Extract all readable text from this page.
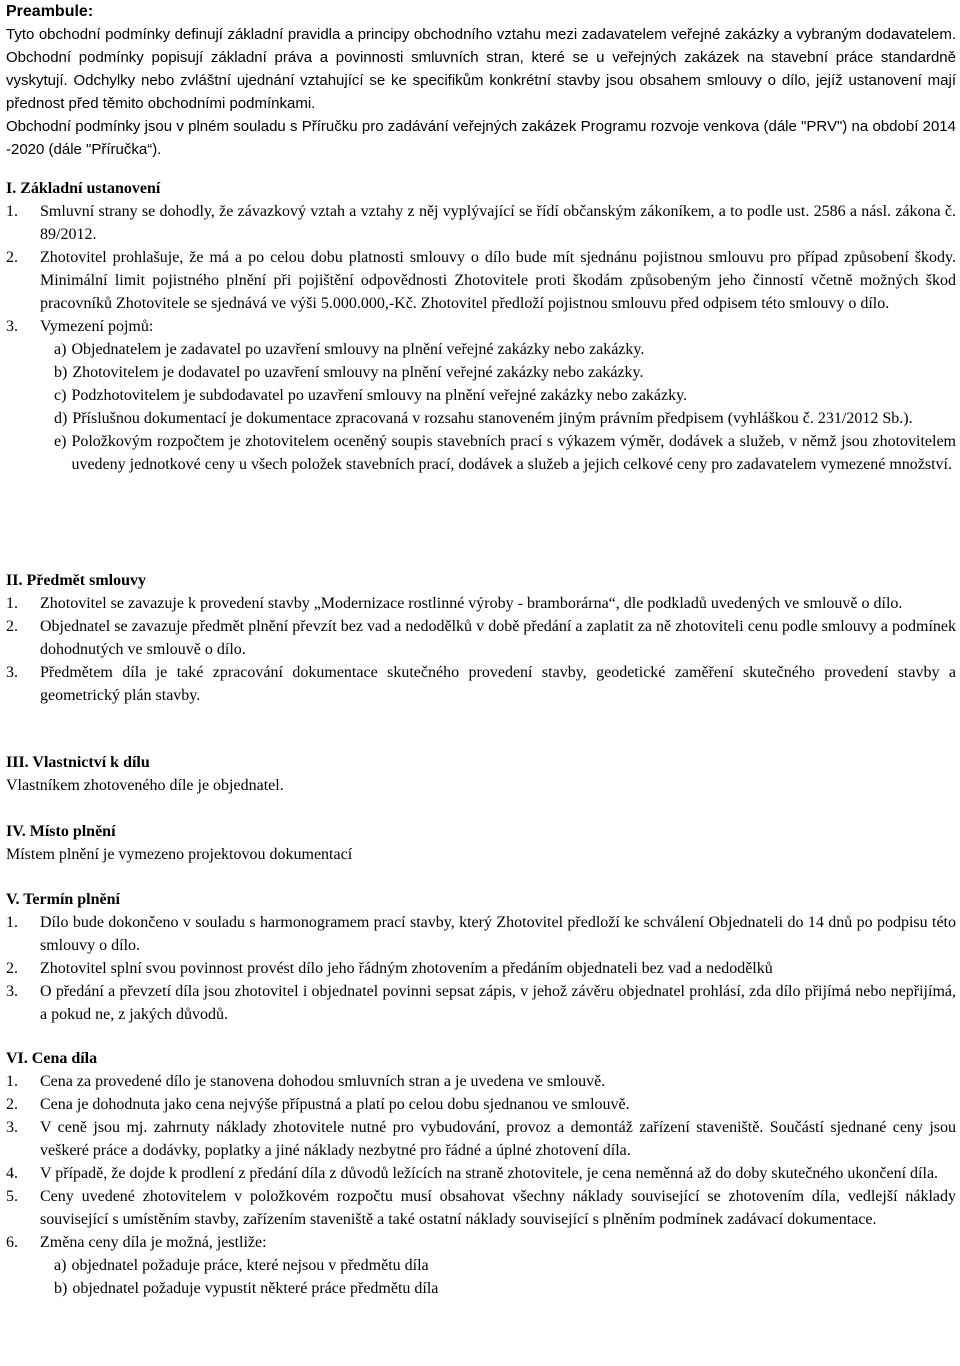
Preambule:
Tyto obchodní podmínky definují základní pravidla a principy obchodního vztahu mezi zadavatelem veřejné zakázky a vybraným dodavatelem. Obchodní podmínky popisují základní práva a povinnosti smluvních stran, které se u veřejných zakázek na stavební práce standardně vyskytují. Odchylky nebo zvláštní ujednání vztahující se ke specifikům konkrétní stavby jsou obsahem smlouvy o dílo, jejíž ustanovení mají přednost před těmito obchodními podmínkami.
Obchodní podmínky jsou v plném souladu s Příručku pro zadávání veřejných zakázek Programu rozvoje venkova (dále "PRV") na období 2014 -2020 (dále "Příručka“).
I. Základní ustanovení
1.	Smluvní strany se dohodly, že závazkový vztah a vztahy z něj vyplývající se řídí občanským zákoníkem, a to podle ust. 2586 a násl. zákona č. 89/2012.
2.	Zhotovitel prohlašuje, že má a po celou dobu platnosti smlouvy o dílo bude mít sjednánu pojistnou smlouvu pro případ způsobení škody. Minimální limit pojistného plnění při pojištění odpovědnosti Zhotovitele proti škodám způsobeným jeho činností včetně možných škod pracovníků Zhotovitele se sjednává ve výši 5.000.000,-Kč. Zhotovitel předloží pojistnou smlouvu před odpisem této smlouvy o dílo.
3.	Vymezení pojmů:
a) Objednatelem je zadavatel po uzavření smlouvy na plnění veřejné zakázky nebo zakázky.
b) Zhotovitelem je dodavatel po uzavření smlouvy na plnění veřejné zakázky nebo zakázky.
c) Podzhotovitelem je subdodavatel po uzavření smlouvy na plnění veřejné zakázky nebo zakázky.
d) Příslušnou dokumentací je dokumentace zpracovaná v rozsahu stanoveném jiným právním předpisem (vyhláškou č. 231/2012 Sb.).
e) Položkovým rozpočtem je zhotovitelem oceněný soupis stavebních prací s výkazem výměr, dodávek a služeb, v němž jsou zhotovitelem uvedeny jednotkové ceny u všech položek stavebních prací, dodávek a služeb a jejich celkové ceny pro zadavatelem vymezené množství.
II. Předmět smlouvy
1.	Zhotovitel se zavazuje k provedení stavby „Modernizace rostlinné výroby - bramborárna“, dle podkladů uvedených ve smlouvě o dílo.
2.	Objednatel se zavazuje předmět plnění převzít bez vad a nedodělků v době předání a zaplatit za ně zhotoviteli cenu podle smlouvy a podmínek dohodnutých ve smlouvě o dílo.
3.	Předmětem díla je také zpracování dokumentace skutečného provedení stavby, geodetické zaměření skutečného provedení stavby a geometrický plán stavby.
III. Vlastnictví k dílu
Vlastníkem zhotoveného díle je objednatel.
IV. Místo plnění
Místem plnění je vymezeno projektovou dokumentací
V. Termín plnění
1.	Dílo bude dokončeno v souladu s harmonogramem prací stavby, který Zhotovitel předloží ke schválení Objednateli do 14 dnů po podpisu této smlouvy o dílo.
2.	Zhotovitel splní svou povinnost provést dílo jeho řádným zhotovením a předáním objednateli bez vad a nedodělků
3.	O předání a převzetí díla jsou zhotovitel i objednatel povinni sepsat zápis, v jehož závěru objednatel prohlásí, zda dílo přijímá nebo nepřijímá, a pokud ne, z jakých důvodů.
VI. Cena díla
1.	Cena za provedené dílo je stanovena dohodou smluvních stran a je uvedena ve smlouvě.
2.	Cena je dohodnuta jako cena nejvýše přípustná a platí po celou dobu sjednanou ve smlouvě.
3.	V ceně jsou mj. zahrnuty náklady zhotovitele nutné pro vybudování, provoz a demontáž zařízení staveniště. Součástí sjednané ceny jsou veškeré práce a dodávky, poplatky a jiné náklady nezbytné pro řádné a úplné zhotovení díla.
4.	V případě, že dojde k prodlení z předání díla z důvodů ležících na straně zhotovitele, je cena neměnná až do doby skutečného ukončení díla.
5.	Ceny uvedené zhotovitelem v položkovém rozpočtu musí obsahovat všechny náklady související se zhotovením díla, vedlejší náklady související s umístěním stavby, zařízením staveniště a také ostatní náklady související s plněním podmínek zadávací dokumentace.
6.	Změna ceny díla je možná, jestliže:
a) objednatel požaduje práce, které nejsou v předmětu díla
b) objednatel požaduje vypustit některé práce předmětu díla
